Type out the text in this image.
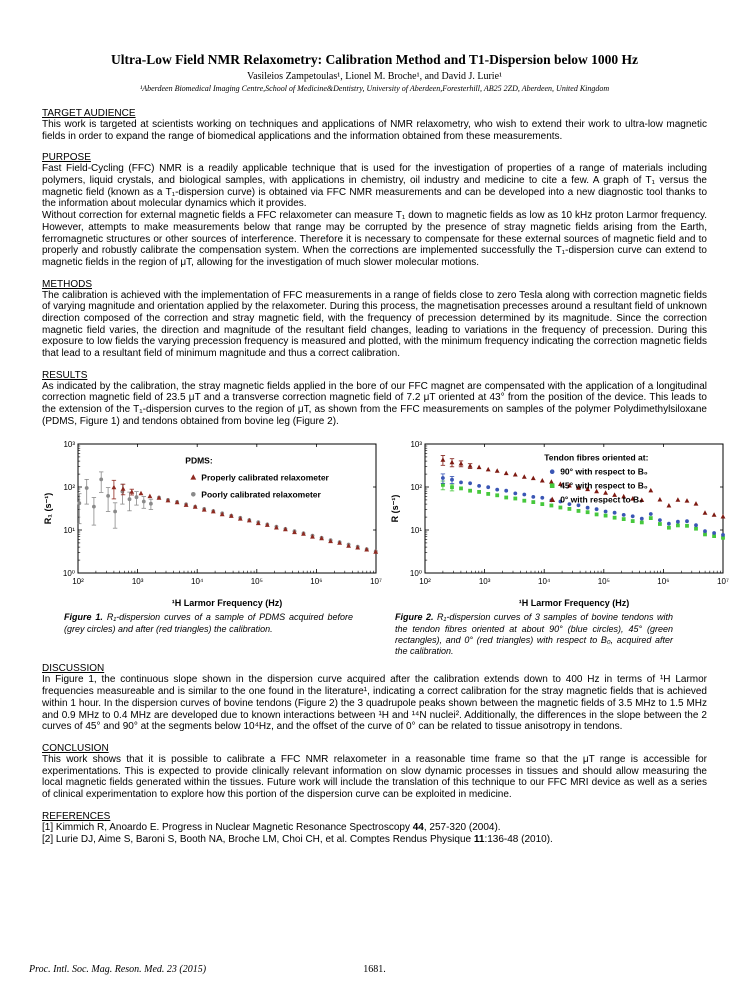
Ultra-Low Field NMR Relaxometry: Calibration Method and T1-Dispersion below 1000 Hz
Vasileios Zampetoulas¹, Lionel M. Broche¹, and David J. Lurie¹
¹Aberdeen Biomedical Imaging Centre,School of Medicine&Dentistry, University of Aberdeen,Foresterhill, AB25 2ZD, Aberdeen, United Kingdom
TARGET AUDIENCE

This work is targeted at scientists working on techniques and applications of NMR relaxometry, who wish to extend their work to ultra-low magnetic fields in order to expand the range of biomedical applications and the information obtained from these measurements.

PURPOSE

Fast Field-Cycling (FFC) NMR is a readily applicable technique that is used for the investigation of properties of a range of materials including polymers, liquid crystals, and biological samples, with applications in chemistry, oil industry and medicine to cite a few. A graph of T₁ versus the magnetic field (known as a T₁-dispersion curve) is obtained via FFC NMR measurements and can be developed into a new diagnostic tool thanks to the information about molecular dynamics which it provides.

Without correction for external magnetic fields a FFC relaxometer can measure T₁ down to magnetic fields as low as 10 kHz proton Larmor frequency. However, attempts to make measurements below that range may be corrupted by the presence of stray magnetic fields arising from the Earth, ferromagnetic structures or other sources of interference. Therefore it is necessary to compensate for these external sources of magnetic field and to properly and robustly calibrate the compensation system. When the corrections are implemented successfully the T₁-dispersion curve can extend to magnetic fields in the region of μT, allowing for the investigation of much slower molecular motions.

METHODS

The calibration is achieved with the implementation of FFC measurements in a range of fields close to zero Tesla along with correction magnetic fields of varying magnitude and orientation applied by the relaxometer. During this process, the magnetisation precesses around a resultant field of unknown direction composed of the correction and stray magnetic field, with the frequency of precession determined by its magnitude. Since the correction magnetic field varies, the direction and magnitude of the resultant field changes, leading to variations in the frequency of precession. During this exposure to low fields the varying precession frequency is measured and plotted, with the minimum frequency indicating the correction magnetic fields that lead to a resultant field of minimum magnitude and thus a correct calibration.

RESULTS

As indicated by the calibration, the stray magnetic fields applied in the bore of our FFC magnet are compensated with the application of a longitudinal correction magnetic field of 23.5 μT and a transverse correction magnetic field of 7.2 μT oriented at 43° from the position of the device. This leads to the extension of the T₁-dispersion curves to the region of μT, as shown from the FFC measurements on samples of the polymer Polydimethylsiloxane (PDMS, Figure 1) and tendons obtained from bovine leg (Figure 2).

10²	10³	10⁴	10⁵	10⁶	10⁷
10⁰
10¹
10²
10³
PDMS:
Properly calibrated relaxometer
Poorly calibrated relaxometer
¹H Larmor Frequency (Hz)
R₁ (s⁻¹)
Figure 1. R₁-dispersion curves of a sample of PDMS acquired before (grey circles) and after (red triangles) the calibration.
10²	10³	10⁴	10⁵	10⁶	10⁷
10⁰
10¹
10²
10³
Tendon fibres oriented at:
90° with respect to B₀
45° with respect to B₀
0° with respect to B₀
¹H Larmor Frequency (Hz)
R (s⁻¹)
Figure 2. R₁-dispersion curves of 3 samples of bovine tendons with the tendon fibres oriented at about 90° (blue circles), 45° (green rectangles), and 0° (red triangles) with respect to B₀, acquired after the calibration.
DISCUSSION

In Figure 1, the continuous slope shown in the dispersion curve acquired after the calibration extends down to 400 Hz in terms of ¹H Larmor frequencies measureable and is similar to the one found in the literature¹, indicating a correct calibration for the stray magnetic fields that is achieved within 1 hour. In the dispersion curves of bovine tendons (Figure 2) the 3 quadrupole peaks shown between the magnetic fields of 3.5 MHz to 1.5 MHz and 0.9 MHz to 0.4 MHz are developed due to known interactions between ¹H and ¹⁴N nuclei². Additionally, the differences in the slope between the 2 curves of 45° and 90° at the segments below 10⁴Hz, and the offset of the curve of 0° can be related to tissue anisotropy in tendons.

CONCLUSION

This work shows that it is possible to calibrate a FFC NMR relaxometer in a reasonable time frame so that the μT range is accessible for experimentations. This is expected to provide clinically relevant information on slow dynamic processes in tissues and should allow measuring the local magnetic fields generated within the tissues. Future work will include the translation of this technique to our FFC MRI device as well as a series of clinical experimentation to explore how this portion of the dispersion curve can be exploited in medicine.

REFERENCES

[1] Kimmich R, Anoardo E. Progress in Nuclear Magnetic Resonance Spectroscopy 44, 257-320 (2004).

[2] Lurie DJ, Aime S, Baroni S, Booth NA, Broche LM, Choi CH, et al. Comptes Rendus Physique 11:136-48 (2010).

Proc. Intl. Soc. Mag. Reson. Med. 23 (2015)	1681.
